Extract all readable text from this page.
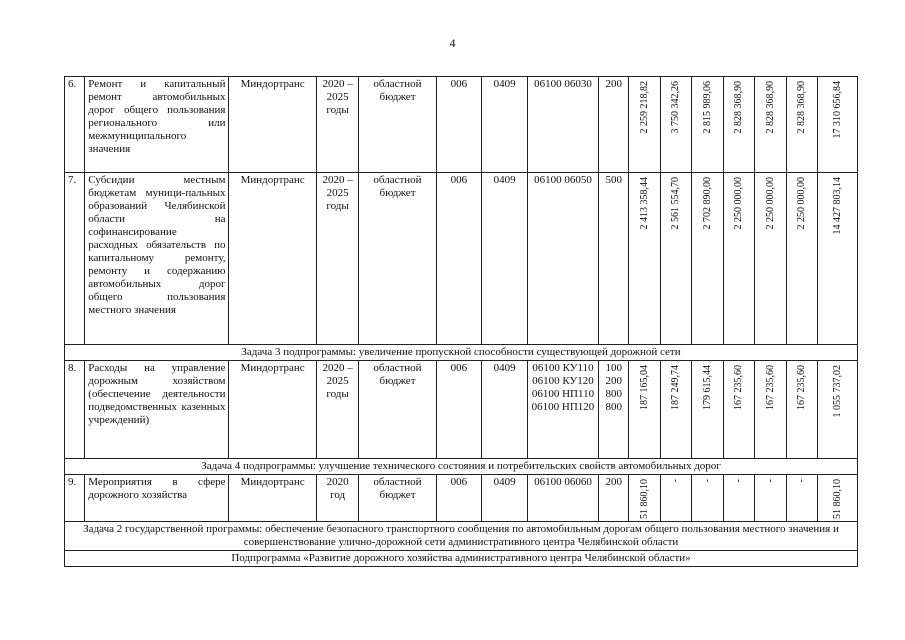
4
6.	Ремонт и капитальный ремонт автомобильных дорог общего пользования регионального или межмуниципального значения	Миндортранс	2020 – 2025 годы	областной бюджет	006	0409	06100 06030	200	2 259 218,82	3 750 342,26	2 815 989,06	2 828 368,90	2 828 368,90	2 828 368,90	17 310 656,84

7.	Субсидии местным бюджетам муници-пальных образований Челябинской области на софинансирование расходных обязательств по капитальному ремонту, ремонту и содержанию автомобильных дорог общего пользования местного значения	Миндортранс	2020 – 2025 годы	областной бюджет	006	0409	06100 06050	500	2 413 358,44	2 561 554,70	2 702 890,00	2 250 000,00	2 250 000,00	2 250 000,00	14 427 803,14

Задача 3 подпрограммы: увеличение пропускной способности существующей дорожной сети															
8.	Расходы на управление дорожным хозяйством (обеспечение деятельности подведомственных казенных учреждений)	Миндортранс	2020 – 2025 годы	областной бюджет	006	0409	06100 КУ110 06100 КУ120 06100 НП110 06100 НП120	100 200 800 800	187 165,04	187 249,74	179 615,44	167 235,60	167 235,60	167 235,60	1 055 737,02

Задача 4 подпрограммы: улучшение технического состояния и потребительских свойств автомобильных дорог															
9.	Мероприятия в сфере дорожного хозяйства	Миндортранс	2020 год	областной бюджет	006	0409	06100 06060	200	51 860,10	-	-	-	-	-	51 860,10

Задача 2 государственной программы: обеспечение безопасного транспортного сообщения по автомобильным дорогам общего пользования местного значения и совершенствование улично-дорожной сети административного центра Челябинской области															
Подпрограмма «Развитие дорожного хозяйства административного центра Челябинской области»															
